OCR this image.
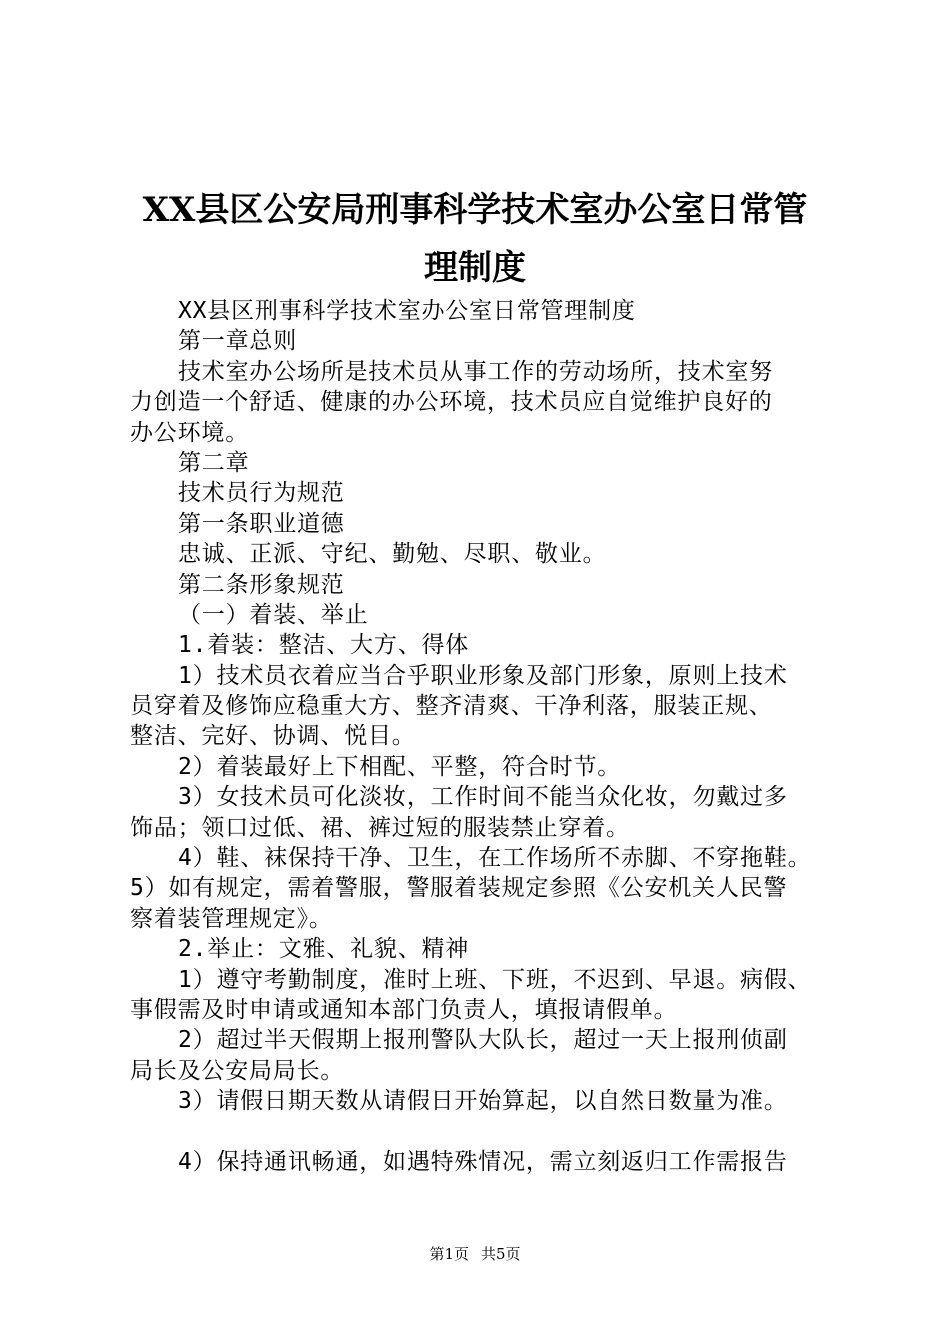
XX县区公安局刑事科学技术室办公室日常管
理制度
XX县区刑事科学技术室办公室日常管理制度
第一章总则
技术室办公场所是技术员从事工作的劳动场所，技术室努
力创造一个舒适、健康的办公环境，技术员应自觉维护良好的
办公环境。
第二章
技术员行为规范
第一条职业道德
忠诚、正派、守纪、勤勉、尽职、敬业。
第二条形象规范
（一）着装、举止
1.着装：整洁、大方、得体
1）技术员衣着应当合乎职业形象及部门形象，原则上技术
员穿着及修饰应稳重大方、整齐清爽、干净利落，服装正规、
整洁、完好、协调、悦目。
2）着装最好上下相配、平整，符合时节。
3）女技术员可化淡妆，工作时间不能当众化妆，勿戴过多
饰品；领口过低、裙、裤过短的服装禁止穿着。
4）鞋、袜保持干净、卫生，在工作场所不赤脚、不穿拖鞋。
5）如有规定，需着警服，警服着装规定参照《公安机关人民警
察着装管理规定》。
2.举止：文雅、礼貌、精神
1）遵守考勤制度，准时上班、下班，不迟到、早退。病假、
事假需及时申请或通知本部门负责人，填报请假单。
2）超过半天假期上报刑警队大队长，超过一天上报刑侦副
局长及公安局局长。
3）请假日期天数从请假日开始算起，以自然日数量为准。
4）保持通讯畅通，如遇特殊情况，需立刻返归工作需报告
第1页 共5页
